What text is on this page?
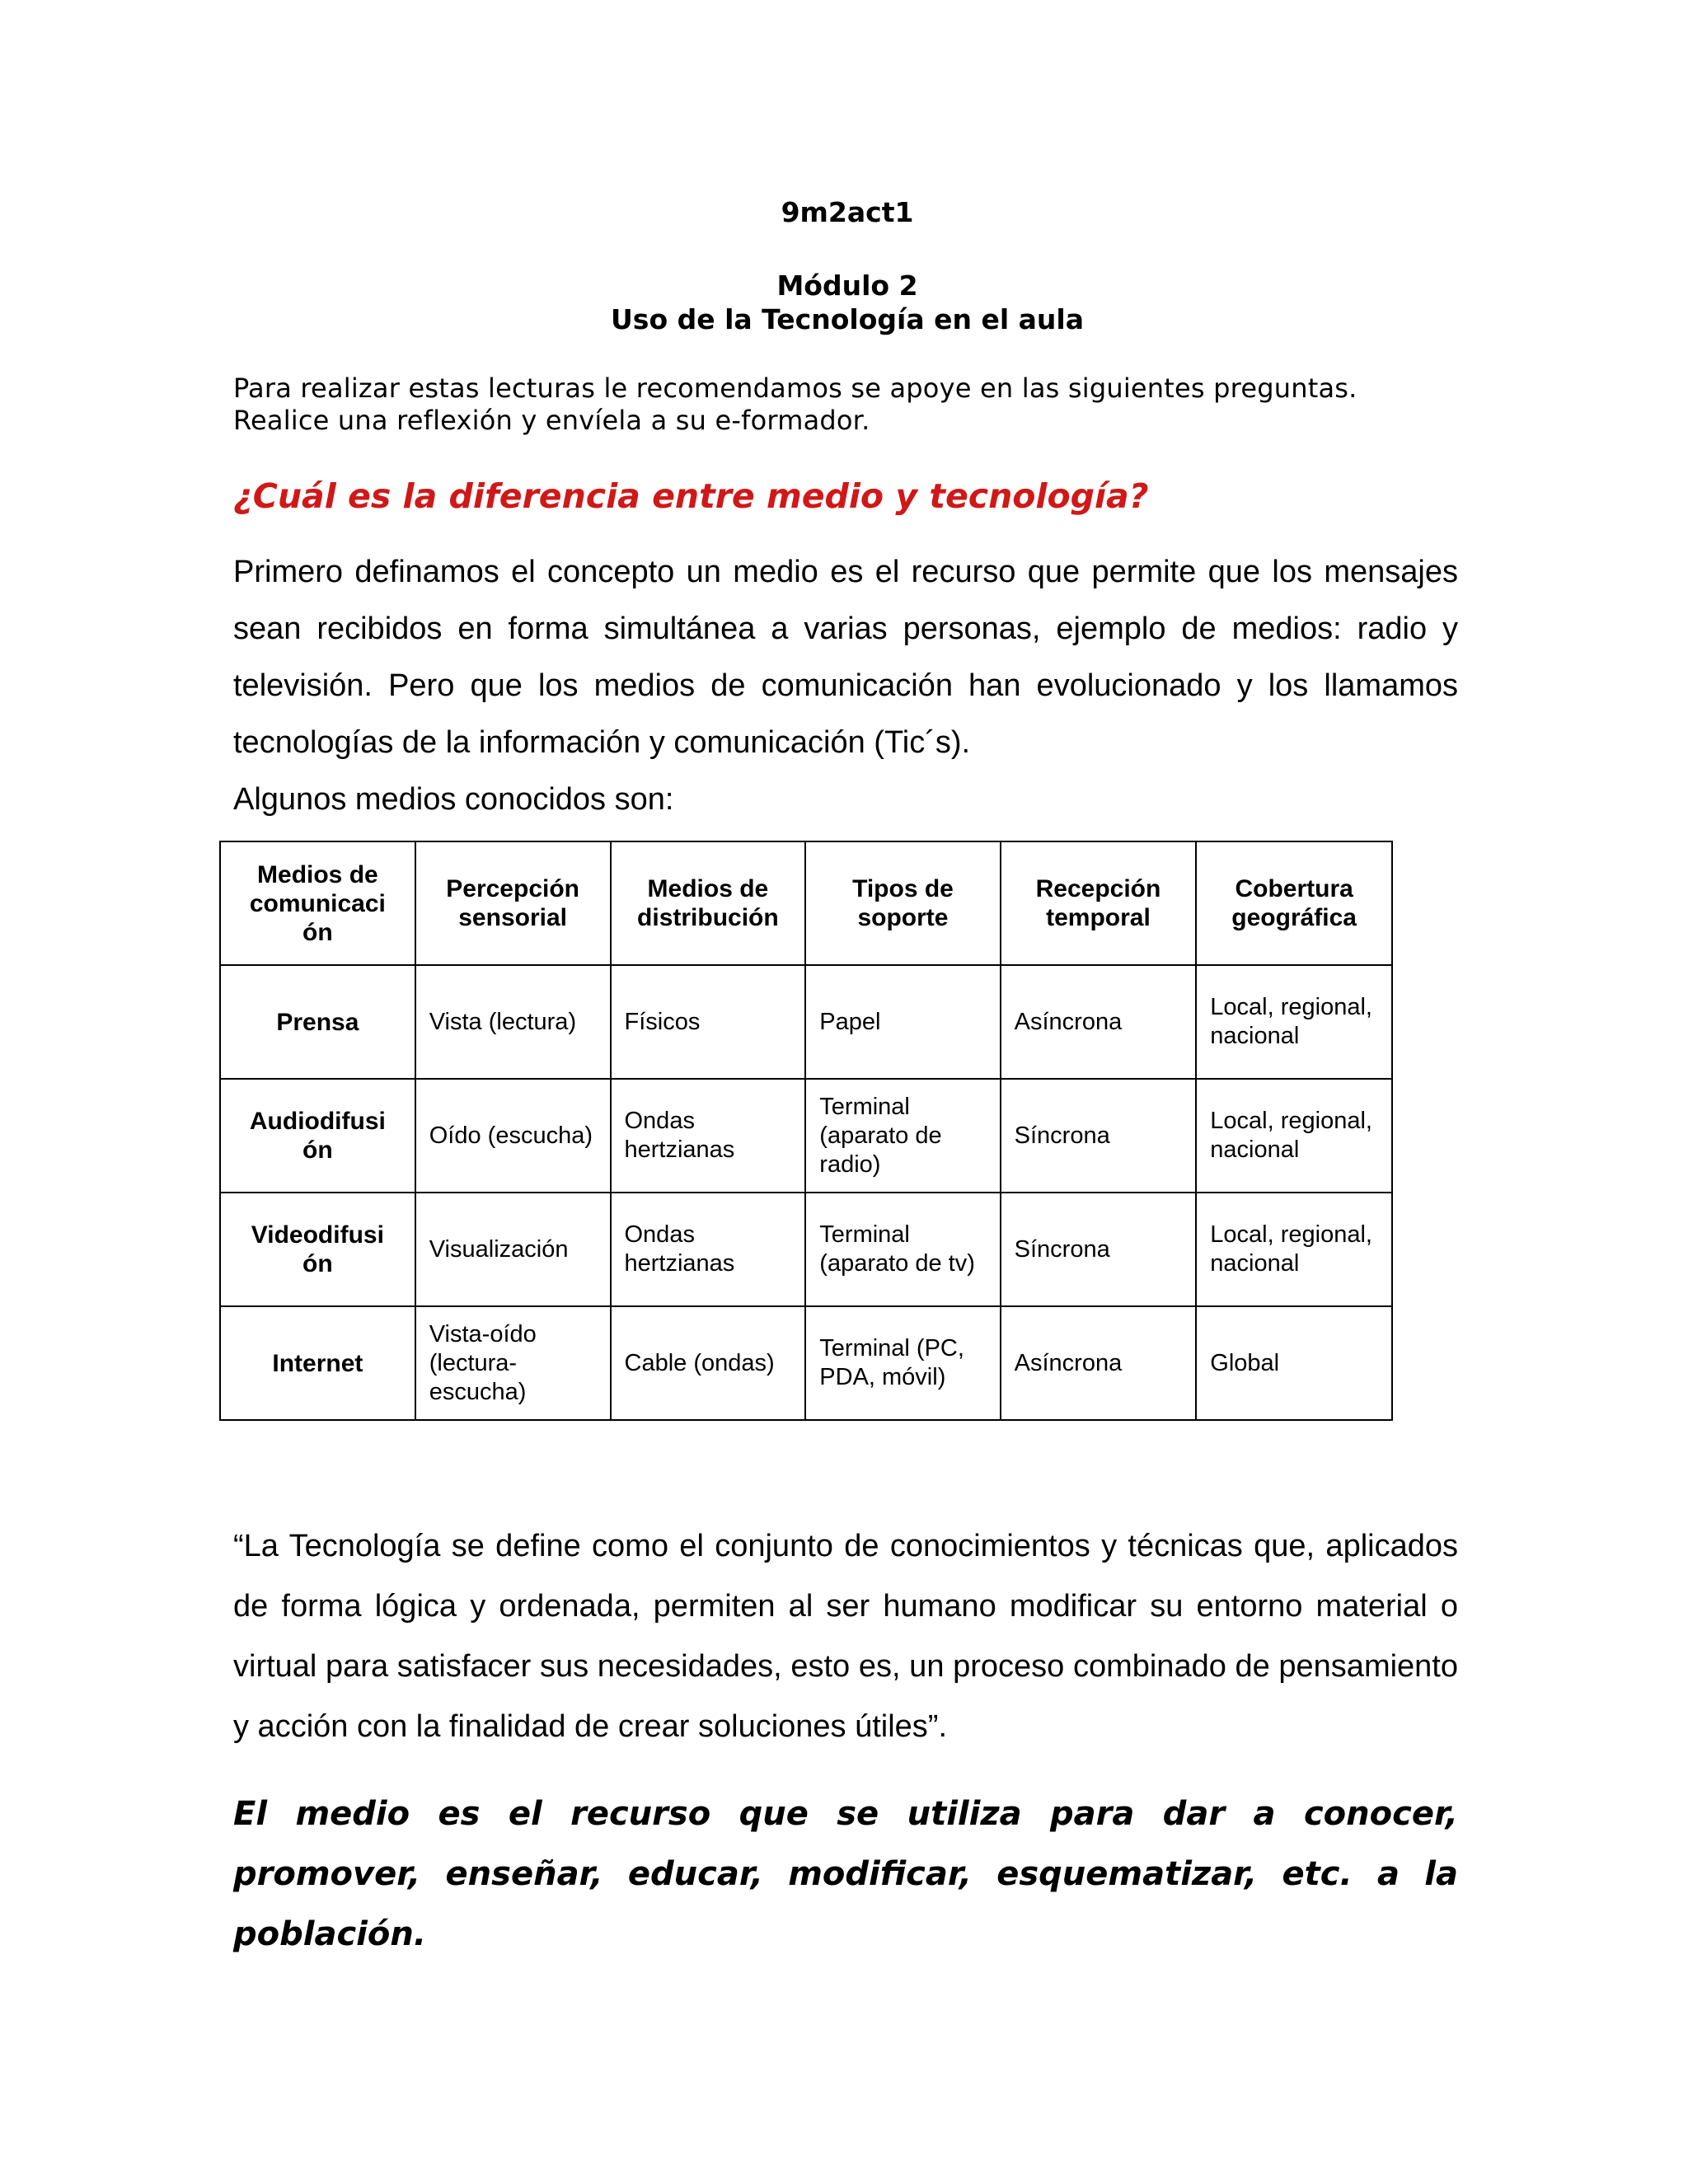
9m2act1
Módulo 2
Uso de la Tecnología en el aula
Para realizar estas lecturas le recomendamos se apoye en las siguientes preguntas.
Realice una reflexión y envíela a su e-formador.
¿Cuál es la diferencia entre medio y tecnología?
Primero definamos el concepto un medio es el recurso que permite que los mensajes sean recibidos en forma simultánea a varias personas, ejemplo de medios: radio y televisión. Pero que los medios de comunicación han evolucionado y los llamamos tecnologías de la información y comunicación (Tic´s).
Algunos medios conocidos son:
Medios de comunicaci ón	Percepción sensorial	Medios de distribución	Tipos de soporte	Recepción temporal	Cobertura geográfica
Prensa	Vista (lectura)	Físicos	Papel	Asíncrona	Local, regional, nacional
Audiodifusi ón	Oído (escucha)	Ondas hertzianas	Terminal (aparato de radio)	Síncrona	Local, regional, nacional
Videodifusi ón	Visualización	Ondas hertzianas	Terminal (aparato de tv)	Síncrona	Local, regional, nacional
Internet	Vista-oído (lectura- escucha)	Cable (ondas)	Terminal (PC, PDA, móvil)	Asíncrona	Global
“La Tecnología se define como el conjunto de conocimientos y técnicas que, aplicados de forma lógica y ordenada, permiten al ser humano modificar su entorno material o virtual para satisfacer sus necesidades, esto es, un proceso combinado de pensamiento y acción con la finalidad de crear soluciones útiles”.
El medio es el recurso que se utiliza para dar a conocer, promover, enseñar, educar, modificar, esquematizar, etc. a la población.
